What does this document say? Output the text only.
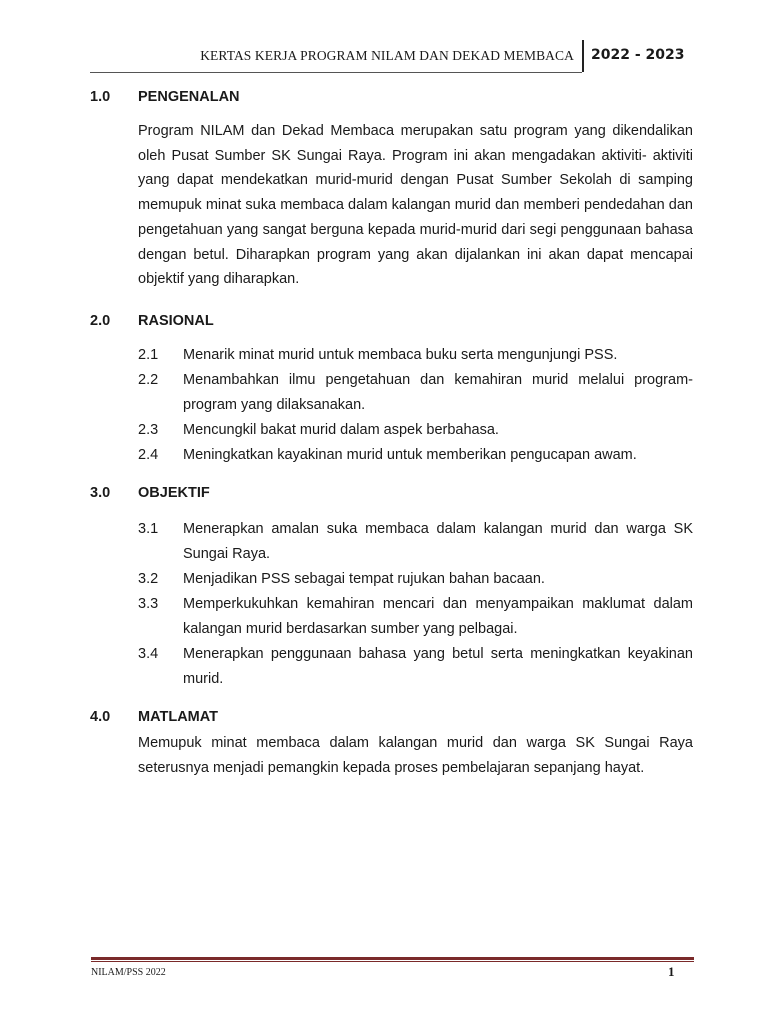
KERTAS KERJA PROGRAM NILAM DAN DEKAD MEMBACA 2022 - 2023
1.0	PENGENALAN
Program NILAM dan Dekad Membaca merupakan satu program yang dikendalikan oleh Pusat Sumber SK Sungai Raya. Program ini akan mengadakan aktiviti- aktiviti yang dapat mendekatkan murid-murid dengan Pusat Sumber Sekolah di samping memupuk minat suka membaca dalam kalangan murid dan memberi pendedahan dan pengetahuan yang sangat berguna kepada murid-murid dari segi penggunaan bahasa dengan betul. Diharapkan program yang akan dijalankan ini akan dapat mencapai objektif yang diharapkan.
2.0	RASIONAL
2.1	Menarik minat murid untuk membaca buku serta mengunjungi PSS.
2.2	Menambahkan ilmu pengetahuan dan kemahiran murid melalui program-program yang dilaksanakan.
2.3	Mencungkil bakat murid dalam aspek berbahasa.
2.4	Meningkatkan kayakinan murid untuk memberikan pengucapan awam.
3.0	OBJEKTIF
3.1	Menerapkan amalan suka membaca dalam kalangan murid dan warga SK Sungai Raya.
3.2	Menjadikan PSS sebagai tempat rujukan bahan bacaan.
3.3	Memperkukuhkan kemahiran mencari dan menyampaikan maklumat dalam kalangan murid berdasarkan sumber yang pelbagai.
3.4	Menerapkan penggunaan bahasa yang betul serta meningkatkan keyakinan murid.
4.0	MATLAMAT
Memupuk minat membaca dalam kalangan murid dan warga SK Sungai Raya seterusnya menjadi pemangkin kepada proses pembelajaran sepanjang hayat.
NILAM/PSS 2022	1
